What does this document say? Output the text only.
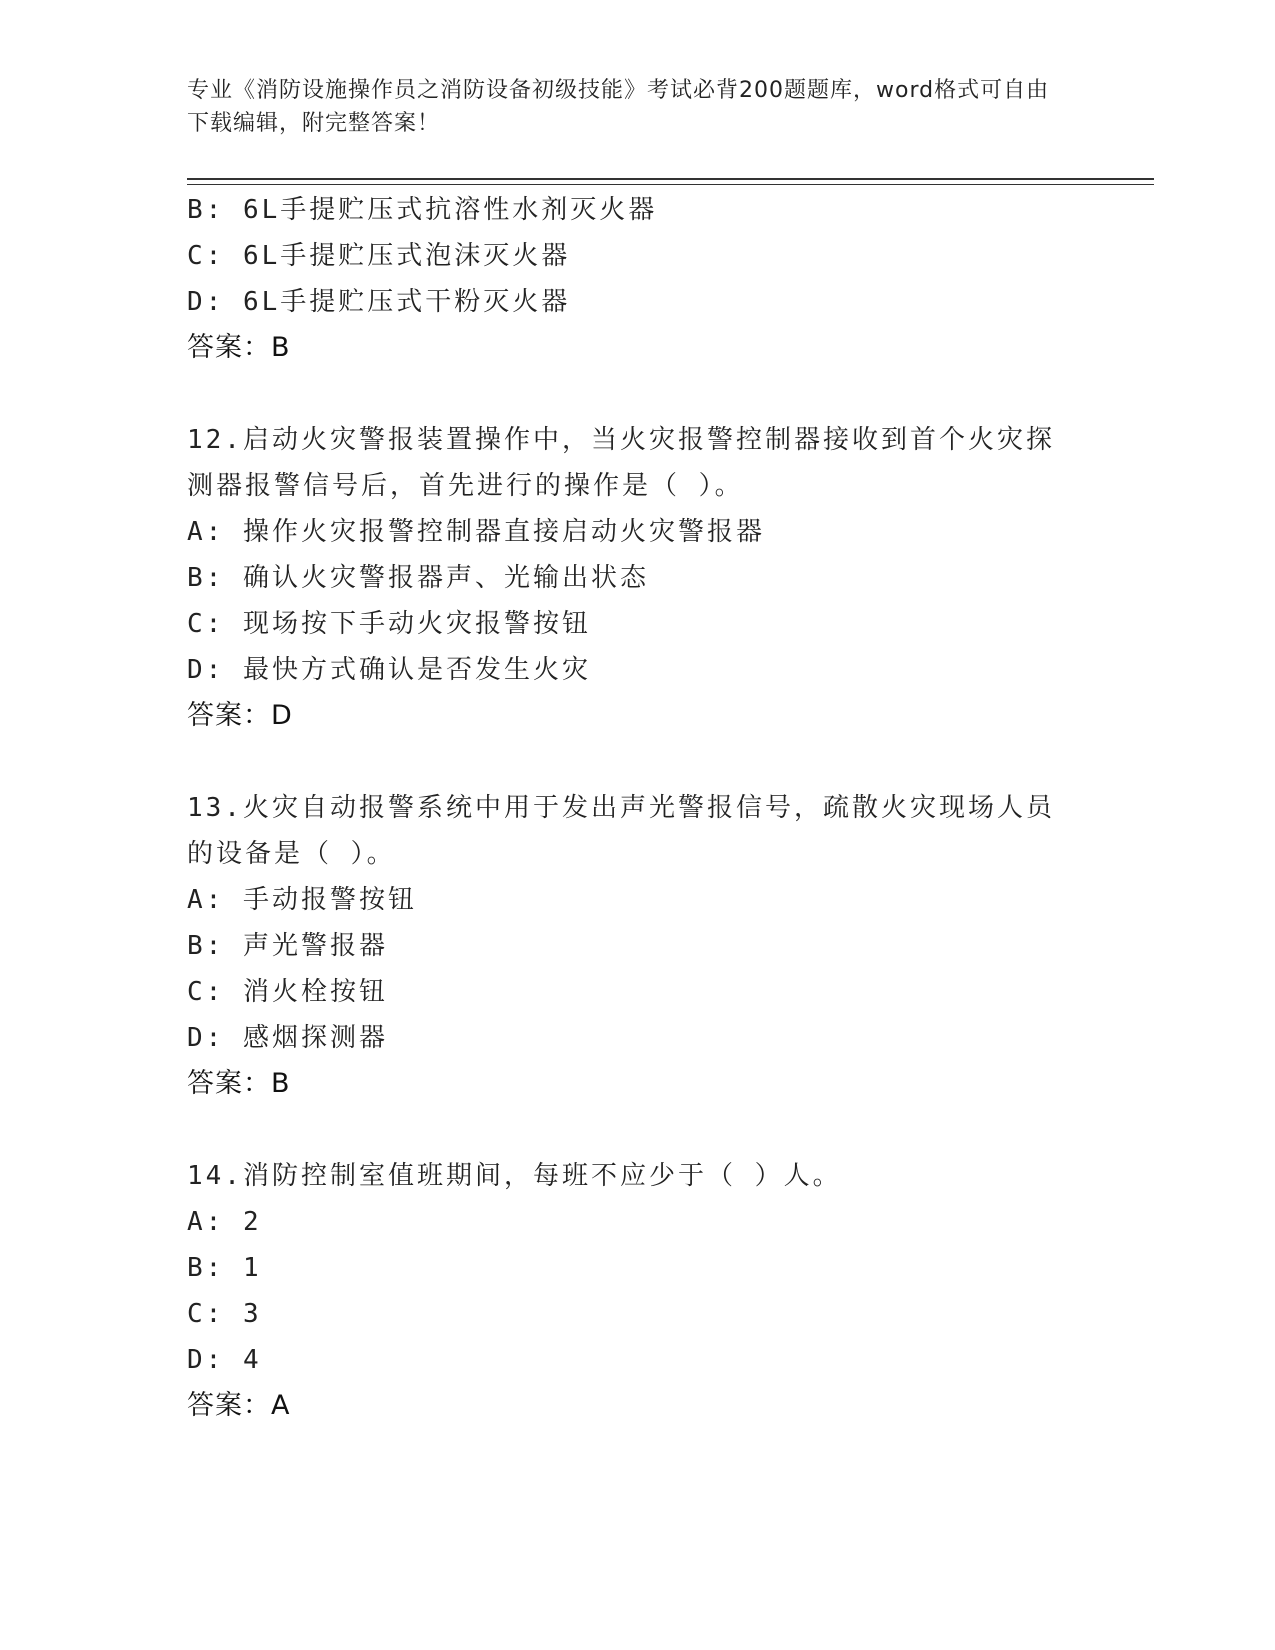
专业《消防设施操作员之消防设备初级技能》考试必背200题题库，word格式可自由下载编辑，附完整答案！
B: 6L手提贮压式抗溶性水剂灭火器
C: 6L手提贮压式泡沫灭火器
D: 6L手提贮压式干粉灭火器
答案：B
12.启动火灾警报装置操作中，当火灾报警控制器接收到首个火灾探测器报警信号后，首先进行的操作是（ ）。
A: 操作火灾报警控制器直接启动火灾警报器
B: 确认火灾警报器声、光输出状态
C: 现场按下手动火灾报警按钮
D: 最快方式确认是否发生火灾
答案：D
13.火灾自动报警系统中用于发出声光警报信号，疏散火灾现场人员的设备是（ ）。
A: 手动报警按钮
B: 声光警报器
C: 消火栓按钮
D: 感烟探测器
答案：B
14.消防控制室值班期间，每班不应少于（ ）人。
A: 2
B: 1
C: 3
D: 4
答案：A
